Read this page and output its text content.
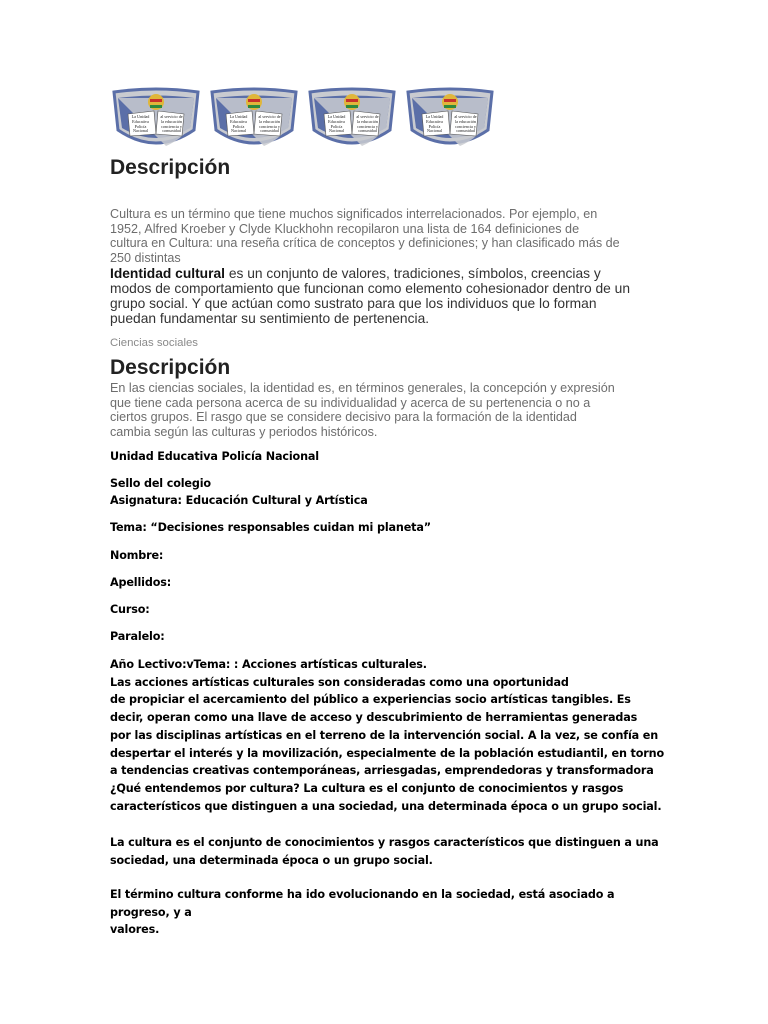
La Unidad
Educativa
Policía
Nacional
al servicio de
la educación
conciencia y
comunidad
La Unidad
Educativa
Policía
Nacional
al servicio de
la educación
conciencia y
comunidad
La Unidad
Educativa
Policía
Nacional
al servicio de
la educación
conciencia y
comunidad
La Unidad
Educativa
Policía
Nacional
al servicio de
la educación
conciencia y
comunidad
Descripción

Cultura es un término que tiene muchos significados interrelacionados. Por ejemplo, en
1952, Alfred Kroeber y Clyde Kluckhohn recopilaron una lista de 164 definiciones de
cultura en Cultura: una reseña crítica de conceptos y definiciones; y han clasificado más de
250 distintas

Identidad cultural es un conjunto de valores, tradiciones, símbolos, creencias y
modos de comportamiento que funcionan como elemento cohesionador dentro de un
grupo social. Y que actúan como sustrato para que los individuos que lo forman
puedan fundamentar su sentimiento de pertenencia.

Ciencias sociales

Descripción

En las ciencias sociales, la identidad es, en términos generales, la concepción y expresión
que tiene cada persona acerca de su individualidad y acerca de su pertenencia o no a
ciertos grupos. El rasgo que se considere decisivo para la formación de la identidad
cambia según las culturas y periodos históricos.

Unidad Educativa Policía Nacional

Sello del colegio

Asignatura: Educación Cultural y Artística

Tema: “Decisiones responsables cuidan mi planeta”

Nombre:

Apellidos:

Curso:

Paralelo:

Año Lectivo:vTema: : Acciones artísticas culturales.
Las acciones artísticas culturales son consideradas como una oportunidad
de propiciar el acercamiento del público a experiencias socio artísticas tangibles. Es
decir, operan como una llave de acceso y descubrimiento de herramientas generadas
por las disciplinas artísticas en el terreno de la intervención social. A la vez, se confía en
despertar el interés y la movilización, especialmente de la población estudiantil, en torno
a tendencias creativas contemporáneas, arriesgadas, emprendedoras y transformadora
¿Qué entendemos por cultura? La cultura es el conjunto de conocimientos y rasgos
característicos que distinguen a una sociedad, una determinada época o un grupo social.

La cultura es el conjunto de conocimientos y rasgos característicos que distinguen a una
sociedad, una determinada época o un grupo social.

El término cultura conforme ha ido evolucionando en la sociedad, está asociado a progreso, y a
valores.
